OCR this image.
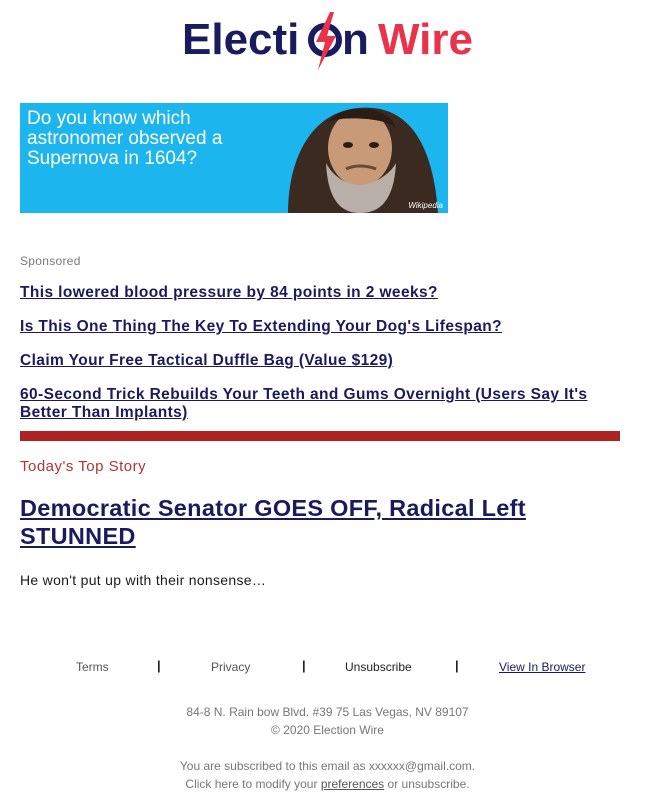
Electi n Wire
Do you know which astronomer observed a Supernova in 1604?
Wikipedia
Sponsored
This lowered blood pressure by 84 points in 2 weeks?
Is This One Thing The Key To Extending Your Dog's Lifespan?
Claim Your Free Tactical Duffle Bag (Value $129)
60-Second Trick Rebuilds Your Teeth and Gums Overnight (Users Say It's Better Than Implants)
Today's Top Story
Democratic Senator GOES OFF, Radical Left STUNNED
He won't put up with their nonsense…
Terms	|	Privacy	|	Unsubscribe	|	View In Browser
84-8 N. Rain bow Blvd. #39 75 Las Vegas, NV 89107
© 2020 Election Wire
You are subscribed to this email as xxxxxx@gmail.com.
Click here to modify your preferences or unsubscribe.
